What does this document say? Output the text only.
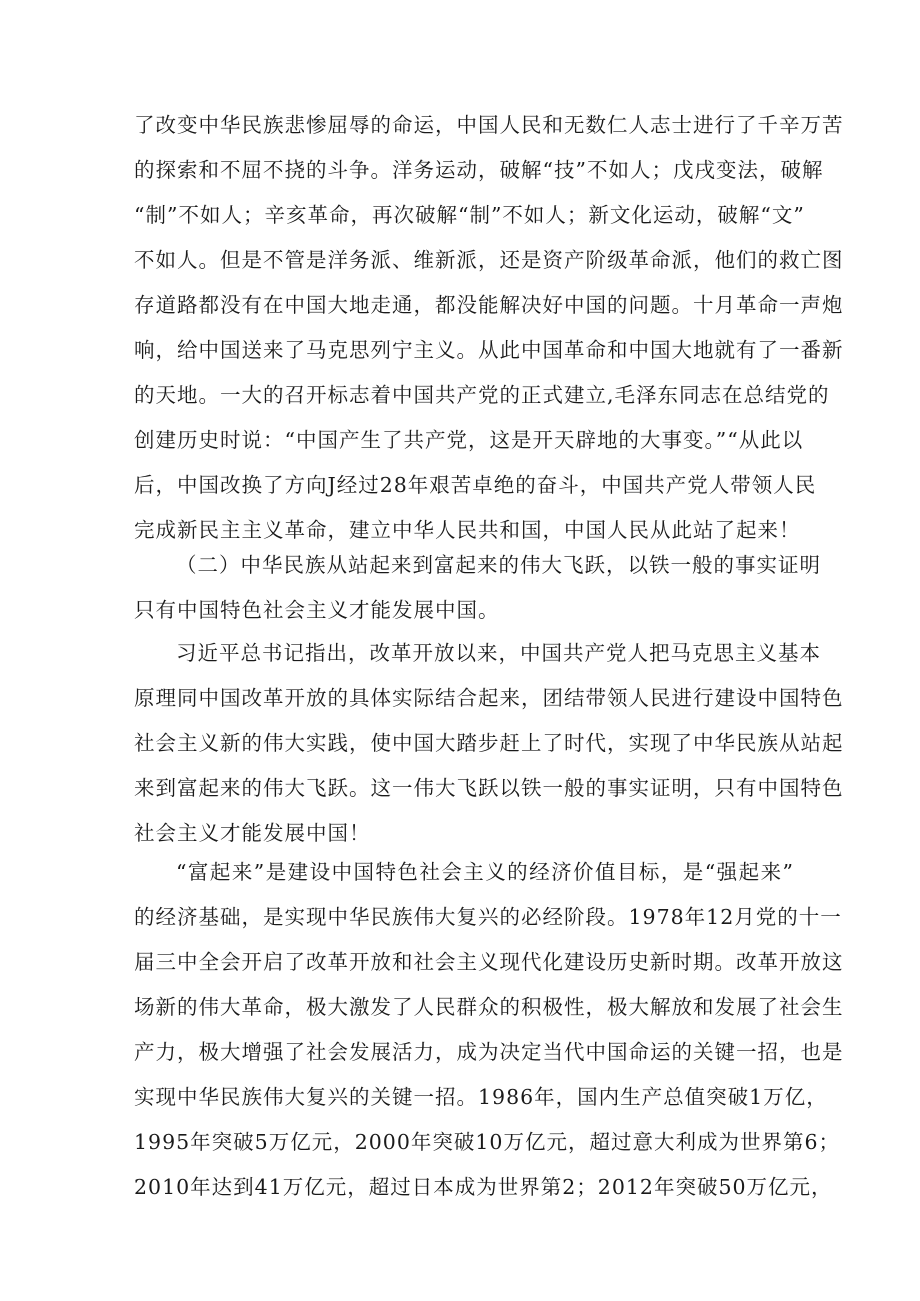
了改变中华民族悲惨屈辱的命运，中国人民和无数仁人志士进行了千辛万苦
的探索和不屈不挠的斗争。洋务运动，破解“技”不如人；戊戌变法，破解
“制”不如人；辛亥革命，再次破解“制”不如人；新文化运动，破解“文”
不如人。但是不管是洋务派、维新派，还是资产阶级革命派，他们的救亡图
存道路都没有在中国大地走通，都没能解决好中国的问题。十月革命一声炮
响，给中国送来了马克思列宁主义。从此中国革命和中国大地就有了一番新
的天地。一大的召开标志着中国共产党的正式建立,毛泽东同志在总结党的
创建历史时说：“中国产生了共产党，这是开天辟地的大事变。”“从此以
后，中国改换了方向J经过28年艰苦卓绝的奋斗，中国共产党人带领人民
完成新民主主义革命，建立中华人民共和国，中国人民从此站了起来！
（二）中华民族从站起来到富起来的伟大飞跃，以铁一般的事实证明
只有中国特色社会主义才能发展中国。
习近平总书记指出，改革开放以来，中国共产党人把马克思主义基本
原理同中国改革开放的具体实际结合起来，团结带领人民进行建设中国特色
社会主义新的伟大实践，使中国大踏步赶上了时代，实现了中华民族从站起
来到富起来的伟大飞跃。这一伟大飞跃以铁一般的事实证明，只有中国特色
社会主义才能发展中国！
“富起来”是建设中国特色社会主义的经济价值目标，是“强起来”
的经济基础，是实现中华民族伟大复兴的必经阶段。1978年12月党的十一
届三中全会开启了改革开放和社会主义现代化建设历史新时期。改革开放这
场新的伟大革命，极大激发了人民群众的积极性，极大解放和发展了社会生
产力，极大增强了社会发展活力，成为决定当代中国命运的关键一招，也是
实现中华民族伟大复兴的关键一招。1986年，国内生产总值突破1万亿，
1995年突破5万亿元，2000年突破10万亿元，超过意大利成为世界第6；
2010年达到41万亿元，超过日本成为世界第2；2012年突破50万亿元，
